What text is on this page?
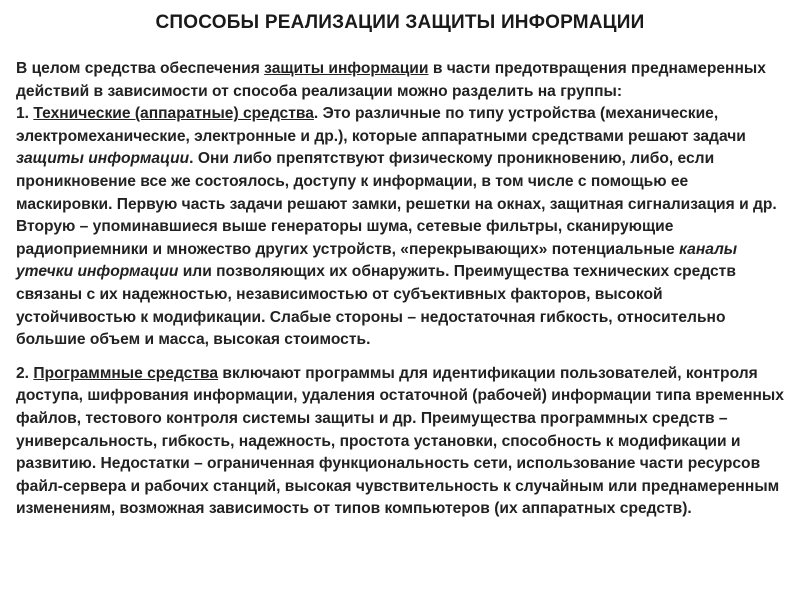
СПОСОБЫ РЕАЛИЗАЦИИ ЗАЩИТЫ ИНФОРМАЦИИ

В целом средства обеспечения защиты информации в части предотвращения преднамеренных действий в зависимости от способа реализации можно разделить на группы:

1. Технические (аппаратные) средства. Это различные по типу устройства (механические, электромеханические, электронные и др.), которые аппаратными средствами решают задачи защиты информации. Они либо препятствуют физическому проникновению, либо, если проникновение все же состоялось, доступу к информации, в том числе с помощью ее маскировки. Первую часть задачи решают замки, решетки на окнах, защитная сигнализация и др. Вторую – упоминавшиеся выше генераторы шума, сетевые фильтры, сканирующие радиоприемники и множество других устройств, «перекрывающих» потенциальные каналы утечки информации или позволяющих их обнаружить. Преимущества технических средств связаны с их надежностью, независимостью от субъективных факторов, высокой устойчивостью к модификации. Слабые стороны – недостаточная гибкость, относительно большие объем и масса, высокая стоимость.

2. Программные средства включают программы для идентификации пользователей, контроля доступа, шифрования информации, удаления остаточной (рабочей) информации типа временных файлов, тестового контроля системы защиты и др. Преимущества программных средств – универсальность, гибкость, надежность, простота установки, способность к модификации и развитию. Недостатки – ограниченная функциональность сети, использование части ресурсов файл-сервера и рабочих станций, высокая чувствительность к случайным или преднамеренным изменениям, возможная зависимость от типов компьютеров (их аппаратных средств).
